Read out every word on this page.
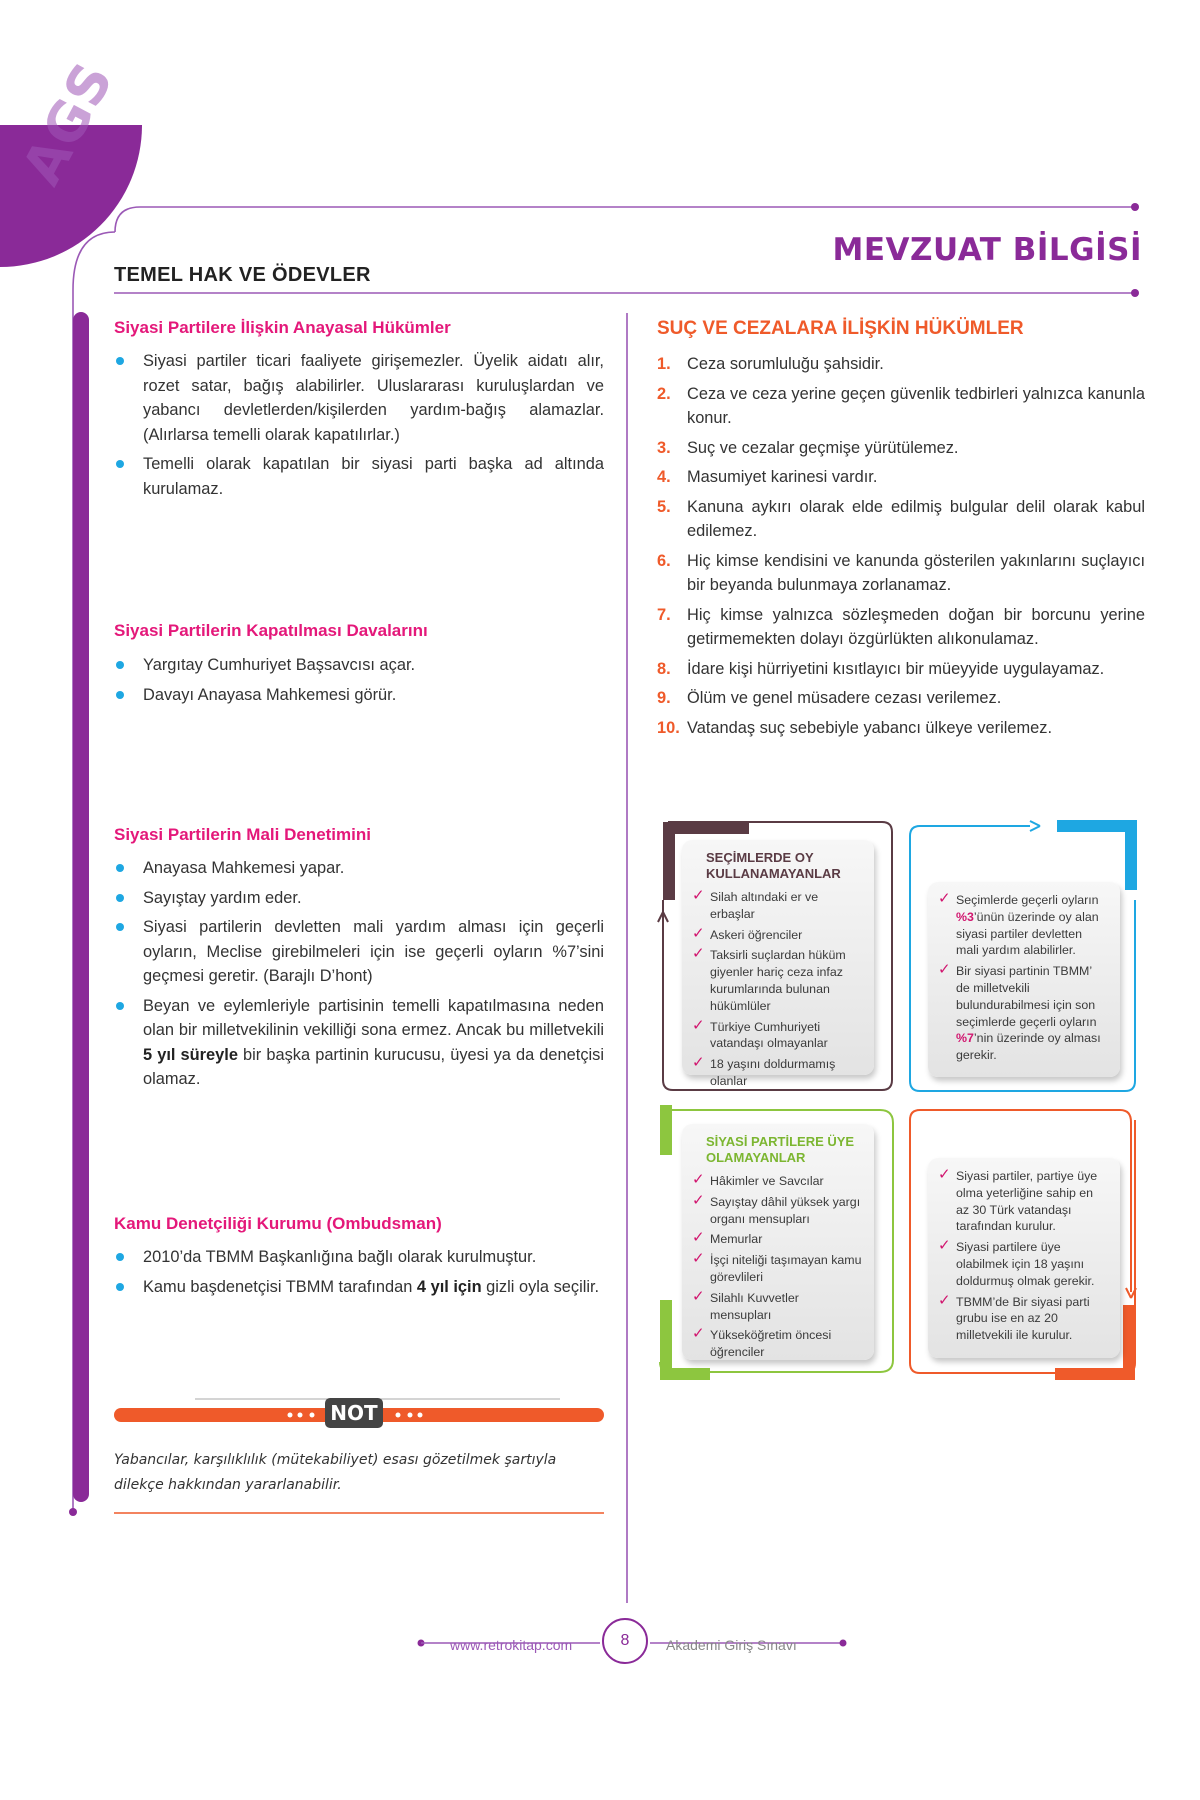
AGS
TEMEL HAK VE ÖDEVLER
MEVZUAT BİLGİSİ
Siyasi Partilere İlişkin Anayasal Hükümler
Siyasi partiler ticari faaliyete girişemezler. Üyelik aidatı alır, rozet satar, bağış alabilirler. Uluslararası kuruluşlardan ve yabancı devletlerden/kişilerden yardım-bağış alamazlar. (Alırlarsa temelli olarak kapatılırlar.)
Temelli olarak kapatılan bir siyasi parti başka ad altında kurulamaz.
Siyasi Partilerin Kapatılması Davalarını
Yargıtay Cumhuriyet Başsavcısı açar.
Davayı Anayasa Mahkemesi görür.
Siyasi Partilerin Mali Denetimini
Anayasa Mahkemesi yapar.
Sayıştay yardım eder.
Siyasi partilerin devletten mali yardım alması için geçerli oyların, Meclise girebilmeleri için ise geçerli oyların %7’sini geçmesi geretir. (Barajlı D’hont)
Beyan ve eylemleriyle partisinin temelli kapatılmasına neden olan bir milletvekilinin vekilliği sona ermez. Ancak bu milletvekili 5 yıl süreyle bir başka partinin kurucusu, üyesi ya da denetçisi olamaz.
Kamu Denetçiliği Kurumu (Ombudsman)
2010’da TBMM Başkanlığına bağlı olarak kurulmuştur.
Kamu başdenetçisi TBMM tarafından 4 yıl için gizli oyla seçilir.
NOT
Yabancılar, karşılıklılık (mütekabiliyet) esası gözetilmek şartıyla dilekçe hakkından yararlanabilir.
SUÇ VE CEZALARA İLİŞKİN HÜKÜMLER
1. Ceza sorumluluğu şahsidir.
2. Ceza ve ceza yerine geçen güvenlik tedbirleri yalnızca kanunla konur.
3. Suç ve cezalar geçmişe yürütülemez.
4. Masumiyet karinesi vardır.
5. Kanuna aykırı olarak elde edilmiş bulgular delil olarak kabul edilemez.
6. Hiç kimse kendisini ve kanunda gösterilen yakınlarını suçlayıcı bir beyanda bulunmaya zorlanamaz.
7. Hiç kimse yalnızca sözleşmeden doğan bir borcunu yerine getirmemekten dolayı özgürlükten alıkonulamaz.
8. İdare kişi hürriyetini kısıtlayıcı bir müeyyide uygulayamaz.
9. Ölüm ve genel müsadere cezası verilemez.
10. Vatandaş suç sebebiyle yabancı ülkeye verilemez.
SEÇİMLERDE OY KULLANAMAYANLAR
✓ Silah altındaki er ve erbaşlar
✓ Askeri öğrenciler
✓ Taksirli suçlardan hüküm giyenler hariç ceza infaz kurumlarında bulunan hükümlüler
✓ Türkiye Cumhuriyeti vatandaşı olmayanlar
✓ 18 yaşını doldurmamış olanlar
✓ Seçimlerde geçerli oyların %3’ünün üzerinde oy alan siyasi partiler devletten mali yardım alabilirler.
✓ Bir siyasi partinin TBMM’ de milletvekili bulundurabilmesi için son seçimlerde geçerli oyların %7’nin üzerinde oy alması gerekir.
SİYASİ PARTİLERE ÜYE OLAMAYANLAR
✓ Hâkimler ve Savcılar
✓ Sayıştay dâhil yüksek yargı organı mensupları
✓ Memurlar
✓ İşçi niteliği taşımayan kamu görevlileri
✓ Silahlı Kuvvetler mensupları
✓ Yükseköğretim öncesi öğrenciler
✓ Siyasi partiler, partiye üye olma yeterliğine sahip en az 30 Türk vatandaşı tarafından kurulur.
✓ Siyasi partilere üye olabilmek için 18 yaşını doldurmuş olmak gerekir.
✓ TBMM’de Bir siyasi parti grubu ise en az 20 milletvekili ile kurulur.
www.retrokitap.com	8	Akademi Giriş Sınavı
